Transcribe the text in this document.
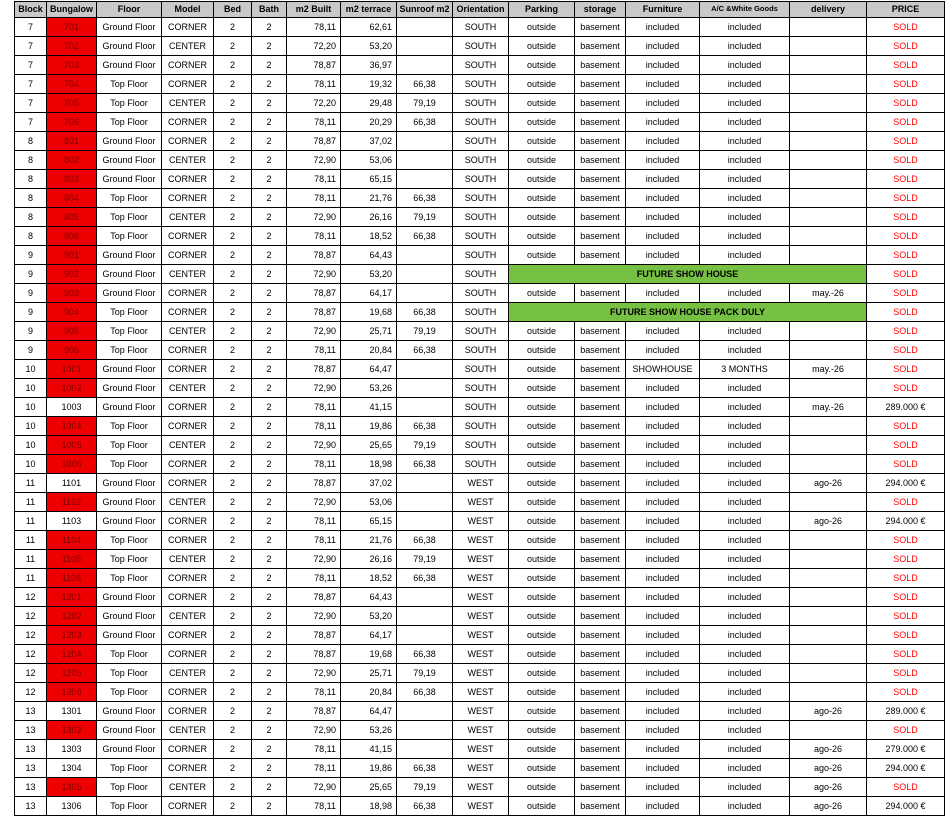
Block	Bungalow	Floor	Model	Bed	Bath	m2 Built	m2 terrace	Sunroof m2	Orientation	Parking	storage	Furniture	A/C &White Goods	delivery	PRICE
7	701	Ground Floor	CORNER	2	2	78,11	62,61		SOUTH	outside	basement	included	included		SOLD
7	702	Ground Floor	CENTER	2	2	72,20	53,20		SOUTH	outside	basement	included	included		SOLD
7	703	Ground Floor	CORNER	2	2	78,87	36,97		SOUTH	outside	basement	included	included		SOLD
7	704	Top Floor	CORNER	2	2	78,11	19,32	66,38	SOUTH	outside	basement	included	included		SOLD
7	705	Top Floor	CENTER	2	2	72,20	29,48	79,19	SOUTH	outside	basement	included	included		SOLD
7	706	Top Floor	CORNER	2	2	78,11	20,29	66,38	SOUTH	outside	basement	included	included		SOLD
8	801	Ground Floor	CORNER	2	2	78,87	37,02		SOUTH	outside	basement	included	included		SOLD
8	802	Ground Floor	CENTER	2	2	72,90	53,06		SOUTH	outside	basement	included	included		SOLD
8	803	Ground Floor	CORNER	2	2	78,11	65,15		SOUTH	outside	basement	included	included		SOLD
8	804	Top Floor	CORNER	2	2	78,11	21,76	66,38	SOUTH	outside	basement	included	included		SOLD
8	805	Top Floor	CENTER	2	2	72,90	26,16	79,19	SOUTH	outside	basement	included	included		SOLD
8	806	Top Floor	CORNER	2	2	78,11	18,52	66,38	SOUTH	outside	basement	included	included		SOLD
9	901	Ground Floor	CORNER	2	2	78,87	64,43		SOUTH	outside	basement	included	included		SOLD
9	902	Ground Floor	CENTER	2	2	72,90	53,20		SOUTH	FUTURE SHOW HOUSE					SOLD
9	903	Ground Floor	CORNER	2	2	78,87	64,17		SOUTH	outside	basement	included	included	may.-26	SOLD
9	904	Top Floor	CORNER	2	2	78,87	19,68	66,38	SOUTH	FUTURE SHOW HOUSE PACK DULY					SOLD
9	905	Top Floor	CENTER	2	2	72,90	25,71	79,19	SOUTH	outside	basement	included	included		SOLD
9	906	Top Floor	CORNER	2	2	78,11	20,84	66,38	SOUTH	outside	basement	included	included		SOLD
10	1001	Ground Floor	CORNER	2	2	78,87	64,47		SOUTH	outside	basement	SHOWHOUSE	3 MONTHS	may.-26	SOLD
10	1002	Ground Floor	CENTER	2	2	72,90	53,26		SOUTH	outside	basement	included	included		SOLD
10	1003	Ground Floor	CORNER	2	2	78,11	41,15		SOUTH	outside	basement	included	included	may.-26	289.000 €
10	1004	Top Floor	CORNER	2	2	78,11	19,86	66,38	SOUTH	outside	basement	included	included		SOLD
10	1005	Top Floor	CENTER	2	2	72,90	25,65	79,19	SOUTH	outside	basement	included	included		SOLD
10	1006	Top Floor	CORNER	2	2	78,11	18,98	66,38	SOUTH	outside	basement	included	included		SOLD
11	1101	Ground Floor	CORNER	2	2	78,87	37,02		WEST	outside	basement	included	included	ago-26	294.000 €
11	1102	Ground Floor	CENTER	2	2	72,90	53,06		WEST	outside	basement	included	included		SOLD
11	1103	Ground Floor	CORNER	2	2	78,11	65,15		WEST	outside	basement	included	included	ago-26	294.000 €
11	1104	Top Floor	CORNER	2	2	78,11	21,76	66,38	WEST	outside	basement	included	included		SOLD
11	1105	Top Floor	CENTER	2	2	72,90	26,16	79,19	WEST	outside	basement	included	included		SOLD
11	1106	Top Floor	CORNER	2	2	78,11	18,52	66,38	WEST	outside	basement	included	included		SOLD
12	1201	Ground Floor	CORNER	2	2	78,87	64,43		WEST	outside	basement	included	included		SOLD
12	1202	Ground Floor	CENTER	2	2	72,90	53,20		WEST	outside	basement	included	included		SOLD
12	1203	Ground Floor	CORNER	2	2	78,87	64,17		WEST	outside	basement	included	included		SOLD
12	1204	Top Floor	CORNER	2	2	78,87	19,68	66,38	WEST	outside	basement	included	included		SOLD
12	1205	Top Floor	CENTER	2	2	72,90	25,71	79,19	WEST	outside	basement	included	included		SOLD
12	1206	Top Floor	CORNER	2	2	78,11	20,84	66,38	WEST	outside	basement	included	included		SOLD
13	1301	Ground Floor	CORNER	2	2	78,87	64,47		WEST	outside	basement	included	included	ago-26	289.000 €
13	1302	Ground Floor	CENTER	2	2	72,90	53,26		WEST	outside	basement	included	included		SOLD
13	1303	Ground Floor	CORNER	2	2	78,11	41,15		WEST	outside	basement	included	included	ago-26	279.000 €
13	1304	Top Floor	CORNER	2	2	78,11	19,86	66,38	WEST	outside	basement	included	included	ago-26	294.000 €
13	1305	Top Floor	CENTER	2	2	72,90	25,65	79,19	WEST	outside	basement	included	included	ago-26	SOLD
13	1306	Top Floor	CORNER	2	2	78,11	18,98	66,38	WEST	outside	basement	included	included	ago-26	294.000 €
